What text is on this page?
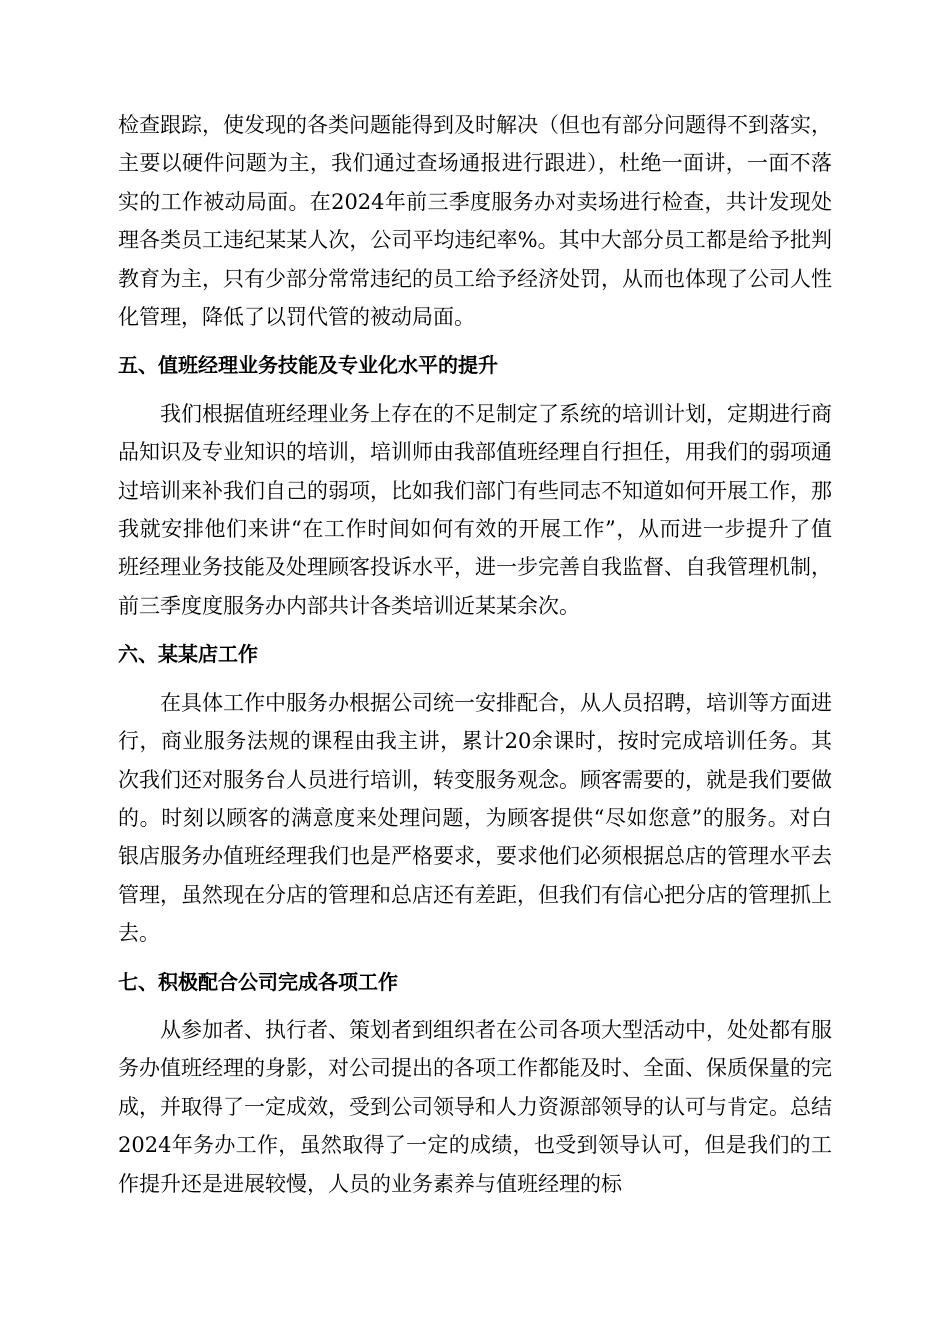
检查跟踪，使发现的各类问题能得到及时解决（但也有部分问题得不到落实，主要以硬件问题为主，我们通过查场通报进行跟进），杜绝一面讲，一面不落实的工作被动局面。在2024年前三季度服务办对卖场进行检查，共计发现处理各类员工违纪某某人次，公司平均违纪率%。其中大部分员工都是给予批判教育为主，只有少部分常常违纪的员工给予经济处罚，从而也体现了公司人性化管理，降低了以罚代管的被动局面。

五、值班经理业务技能及专业化水平的提升

我们根据值班经理业务上存在的不足制定了系统的培训计划，定期进行商品知识及专业知识的培训，培训师由我部值班经理自行担任，用我们的弱项通过培训来补我们自己的弱项，比如我们部门有些同志不知道如何开展工作，那我就安排他们来讲“在工作时间如何有效的开展工作”，从而进一步提升了值班经理业务技能及处理顾客投诉水平，进一步完善自我监督、自我管理机制，前三季度度服务办内部共计各类培训近某某余次。

六、某某店工作

在具体工作中服务办根据公司统一安排配合，从人员招聘，培训等方面进行，商业服务法规的课程由我主讲，累计20余课时，按时完成培训任务。其次我们还对服务台人员进行培训，转变服务观念。顾客需要的，就是我们要做的。时刻以顾客的满意度来处理问题，为顾客提供“尽如您意”的服务。对白银店服务办值班经理我们也是严格要求，要求他们必须根据总店的管理水平去管理，虽然现在分店的管理和总店还有差距，但我们有信心把分店的管理抓上去。

七、积极配合公司完成各项工作

从参加者、执行者、策划者到组织者在公司各项大型活动中，处处都有服务办值班经理的身影，对公司提出的各项工作都能及时、全面、保质保量的完成，并取得了一定成效，受到公司领导和人力资源部领导的认可与肯定。总结2024年务办工作，虽然取得了一定的成绩，也受到领导认可，但是我们的工作提升还是进展较慢，人员的业务素养与值班经理的标
